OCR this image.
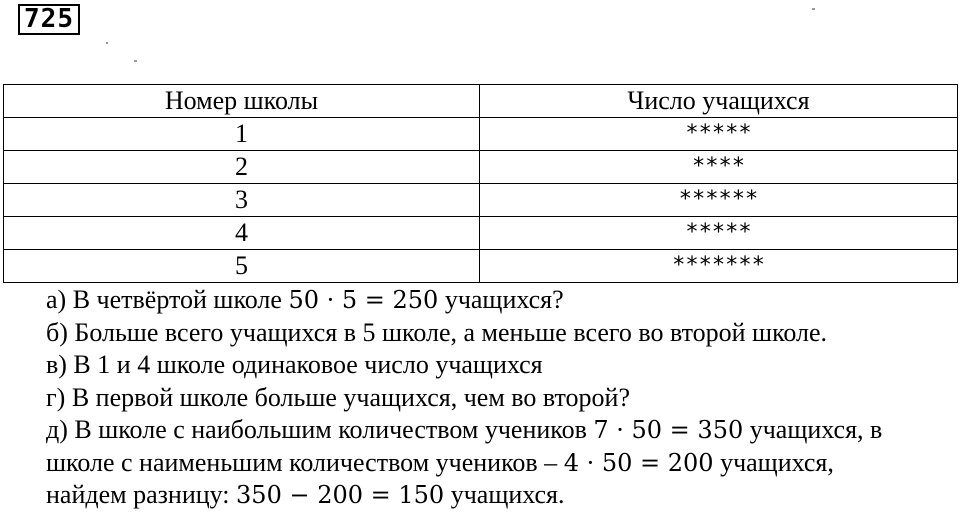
725
Номер школы	Число учащихся
1	*****
2	****
3	******
4	*****
5	*******
а) В четвёртой школе 50 · 5 = 250 учащихся?
б) Больше всего учащихся в 5 школе, а меньше всего во второй школе.
в) В 1 и 4 школе одинаковое число учащихся
г) В первой школе больше учащихся, чем во второй?
д) В школе с наибольшим количеством учеников 7 · 50 = 350 учащихся, в
школе с наименьшим количеством учеников – 4 · 50 = 200 учащихся,
найдем разницу: 350 − 200 = 150 учащихся.
